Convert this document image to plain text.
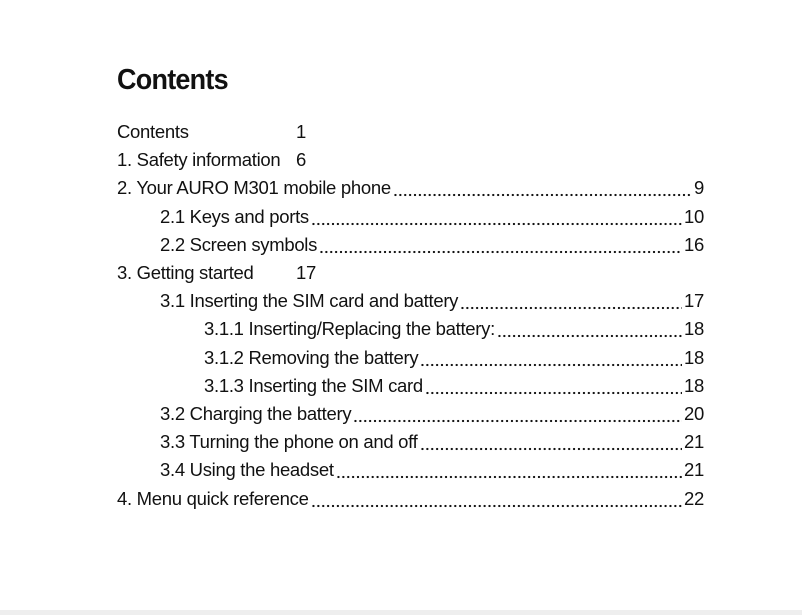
Contents
Contents	1
1. Safety information 6
2. Your AURO M301 mobile phone	9
2.1 Keys and ports	10
2.2 Screen symbols	16
3. Getting started	17
3.1 Inserting the SIM card and battery	17
3.1.1 Inserting/Replacing the battery:	18
3.1.2 Removing the battery	18
3.1.3 Inserting the SIM card	18
3.2 Charging the battery	20
3.3 Turning the phone on and off	21
3.4 Using the headset	21
4. Menu quick reference	22
